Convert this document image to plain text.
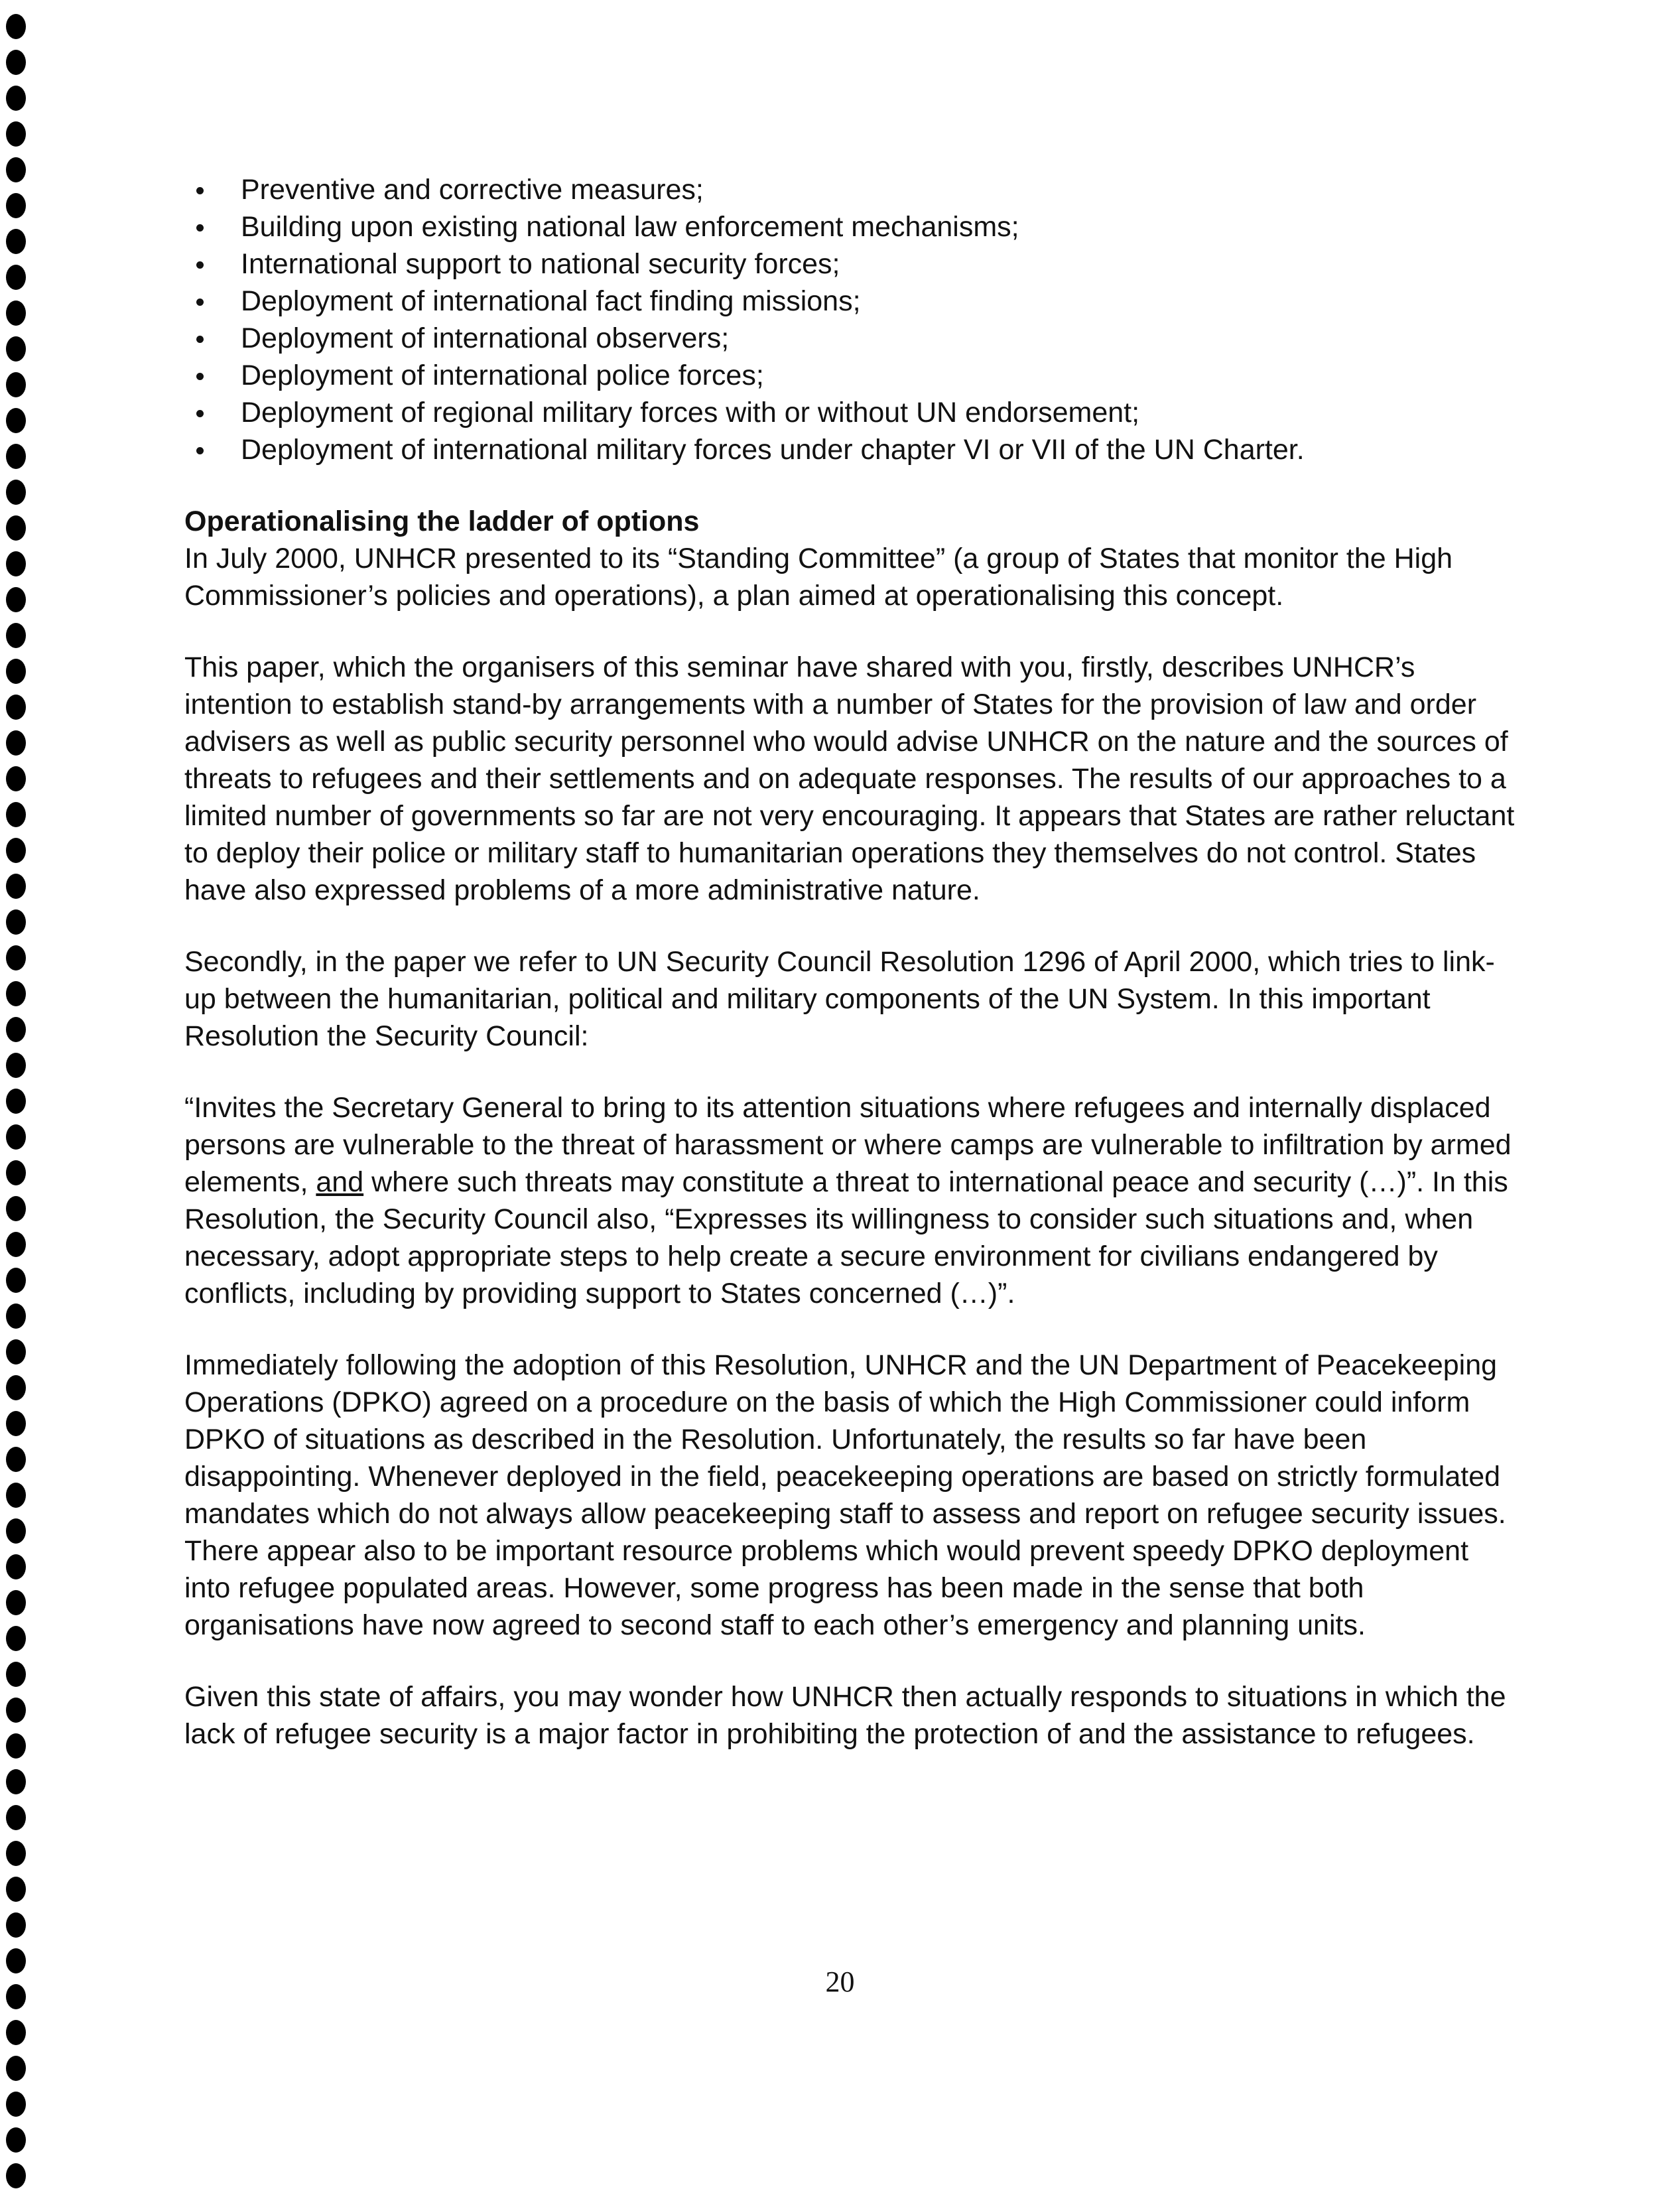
Preventive and corrective measures;
Building upon existing national law enforcement mechanisms;
International support to national security forces;
Deployment of international fact finding missions;
Deployment of international observers;
Deployment of international police forces;
Deployment of regional military forces with or without UN endorsement;
Deployment of international military forces under chapter VI or VII of the UN Charter.
Operationalising the ladder of options

In July 2000, UNHCR presented to its “Standing Committee” (a group of States that monitor the High Commissioner’s policies and operations), a plan aimed at operationalising this concept.

This paper, which the organisers of this seminar have shared with you, firstly, describes UNHCR’s intention to establish stand-by arrangements with a number of States for the provision of law and order advisers as well as public security personnel who would advise UNHCR on the nature and the sources of threats to refugees and their settlements and on adequate responses. The results of our approaches to a limited number of governments so far are not very encouraging. It appears that States are rather reluctant to deploy their police or military staff to humanitarian operations they themselves do not control. States have also expressed problems of a more administrative nature.

Secondly, in the paper we refer to UN Security Council Resolution 1296 of April 2000, which tries to link-up between the humanitarian, political and military components of the UN System. In this important Resolution the Security Council:

“Invites the Secretary General to bring to its attention situations where refugees and internally displaced persons are vulnerable to the threat of harassment or where camps are vulnerable to infiltration by armed elements, and where such threats may constitute a threat to international peace and security (…)”. In this Resolution, the Security Council also, “Expresses its willingness to consider such situations and, when necessary, adopt appropriate steps to help create a secure environment for civilians endangered by conflicts, including by providing support to States concerned (…)”.

Immediately following the adoption of this Resolution, UNHCR and the UN Department of Peacekeeping Operations (DPKO) agreed on a procedure on the basis of which the High Commissioner could inform DPKO of situations as described in the Resolution. Unfortunately, the results so far have been disappointing. Whenever deployed in the field, peacekeeping operations are based on strictly formulated mandates which do not always allow peacekeeping staff to assess and report on refugee security issues. There appear also to be important resource problems which would prevent speedy DPKO deployment into refugee populated areas. However, some progress has been made in the sense that both organisations have now agreed to second staff to each other’s emergency and planning units.

Given this state of affairs, you may wonder how UNHCR then actually responds to situations in which the lack of refugee security is a major factor in prohibiting the protection of and the assistance to refugees.

20
